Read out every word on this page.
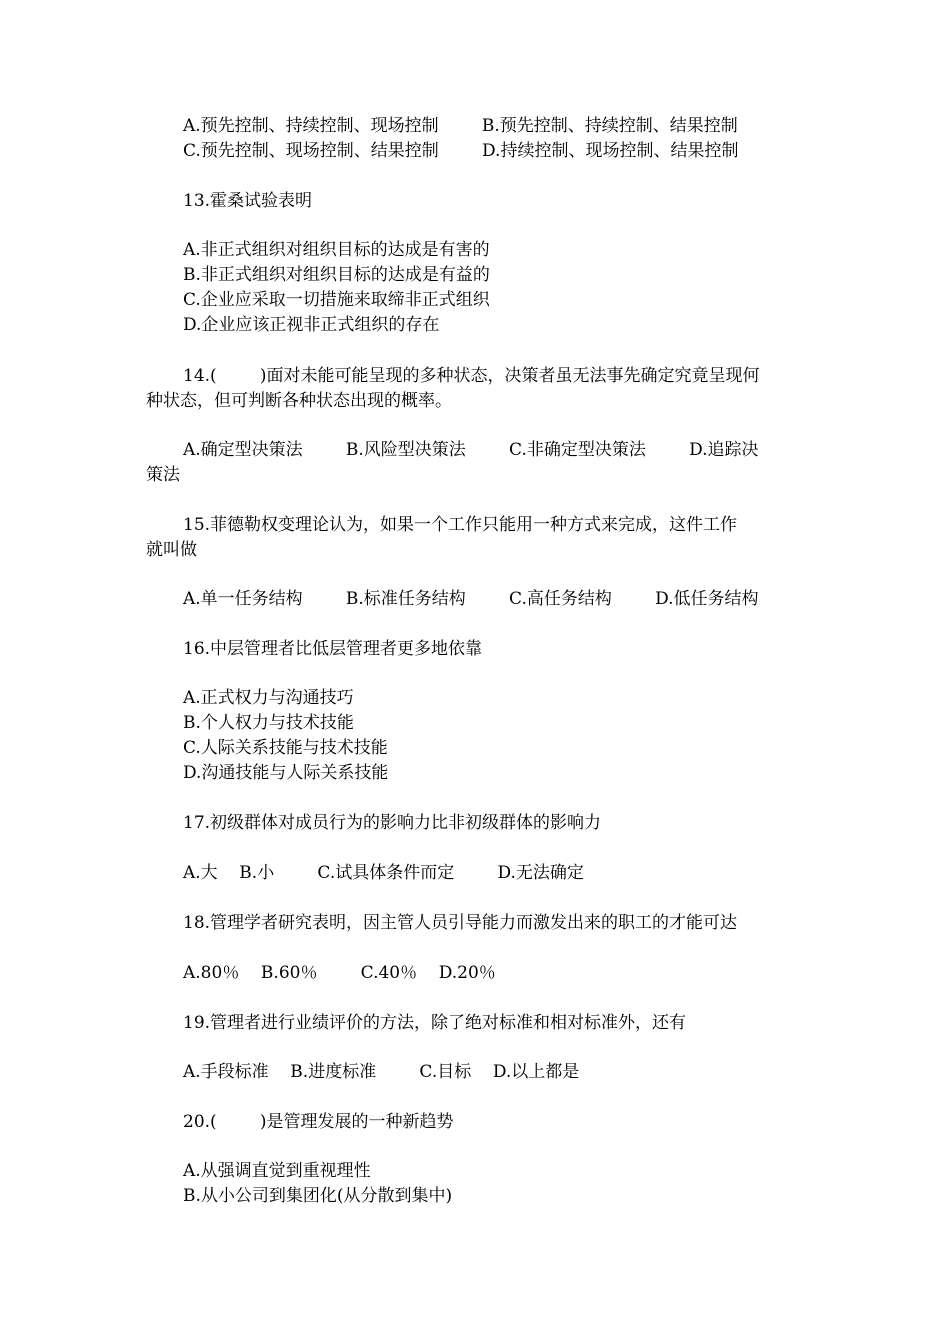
A.预先控制、持续控制、现场控制        B.预先控制、持续控制、结果控制
C.预先控制、现场控制、结果控制        D.持续控制、现场控制、结果控制
13.霍桑试验表明
A.非正式组织对组织目标的达成是有害的
B.非正式组织对组织目标的达成是有益的
C.企业应采取一切措施来取缔非正式组织
D.企业应该正视非正式组织的存在
14.(        )面对未能可能呈现的多种状态，决策者虽无法事先确定究竟呈现何
种状态，但可判断各种状态出现的概率。
A.确定型决策法        B.风险型决策法        C.非确定型决策法        D.追踪决
策法
15.菲德勒权变理论认为，如果一个工作只能用一种方式来完成，这件工作
就叫做
A.单一任务结构        B.标准任务结构        C.高任务结构        D.低任务结构
16.中层管理者比低层管理者更多地依靠
A.正式权力与沟通技巧
B.个人权力与技术技能
C.人际关系技能与技术技能
D.沟通技能与人际关系技能
17.初级群体对成员行为的影响力比非初级群体的影响力
A.大    B.小        C.试具体条件而定        D.无法确定
18.管理学者研究表明，因主管人员引导能力而激发出来的职工的才能可达
A.80％    B.60％        C.40％    D.20％
19.管理者进行业绩评价的方法，除了绝对标准和相对标准外，还有
A.手段标准    B.进度标准        C.目标    D.以上都是
20.(        )是管理发展的一种新趋势
A.从强调直觉到重视理性
B.从小公司到集团化(从分散到集中)
